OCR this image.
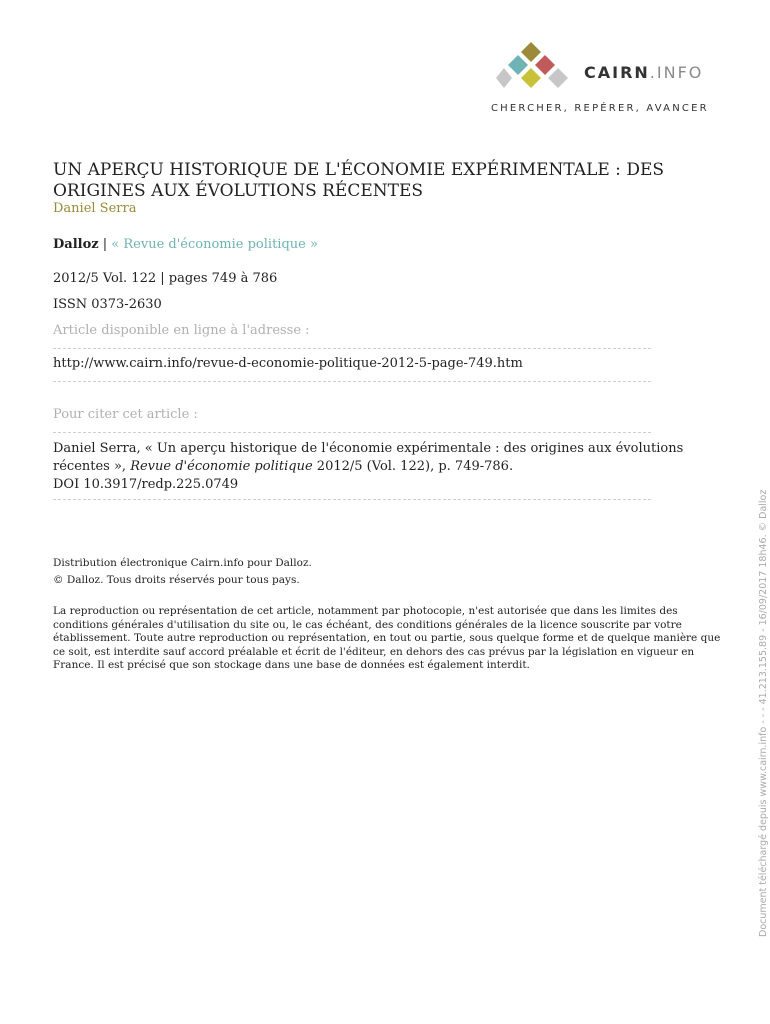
CAIRN.INFO
CHERCHER, REPÉRER, AVANCER
UN APERÇU HISTORIQUE DE L'ÉCONOMIE EXPÉRIMENTALE : DES ORIGINES AUX ÉVOLUTIONS RÉCENTES
Daniel Serra
Dalloz | « Revue d'économie politique »
2012/5 Vol. 122 | pages 749 à 786
ISSN 0373-2630
Article disponible en ligne à l'adresse :
http://www.cairn.info/revue-d-economie-politique-2012-5-page-749.htm
Pour citer cet article :
Daniel Serra, « Un aperçu historique de l'économie expérimentale : des origines aux évolutions récentes », Revue d'économie politique 2012/5 (Vol. 122), p. 749-786.
DOI 10.3917/redp.225.0749
Distribution électronique Cairn.info pour Dalloz.
© Dalloz. Tous droits réservés pour tous pays.
La reproduction ou représentation de cet article, notamment par photocopie, n'est autorisée que dans les limites des conditions générales d'utilisation du site ou, le cas échéant, des conditions générales de la licence souscrite par votre établissement. Toute autre reproduction ou représentation, en tout ou partie, sous quelque forme et de quelque manière que ce soit, est interdite sauf accord préalable et écrit de l'éditeur, en dehors des cas prévus par la législation en vigueur en France. Il est précisé que son stockage dans une base de données est également interdit.	Document téléchargé depuis www.cairn.info - - - 41.213.155.89 - 16/09/2017 18h46. © Dalloz
